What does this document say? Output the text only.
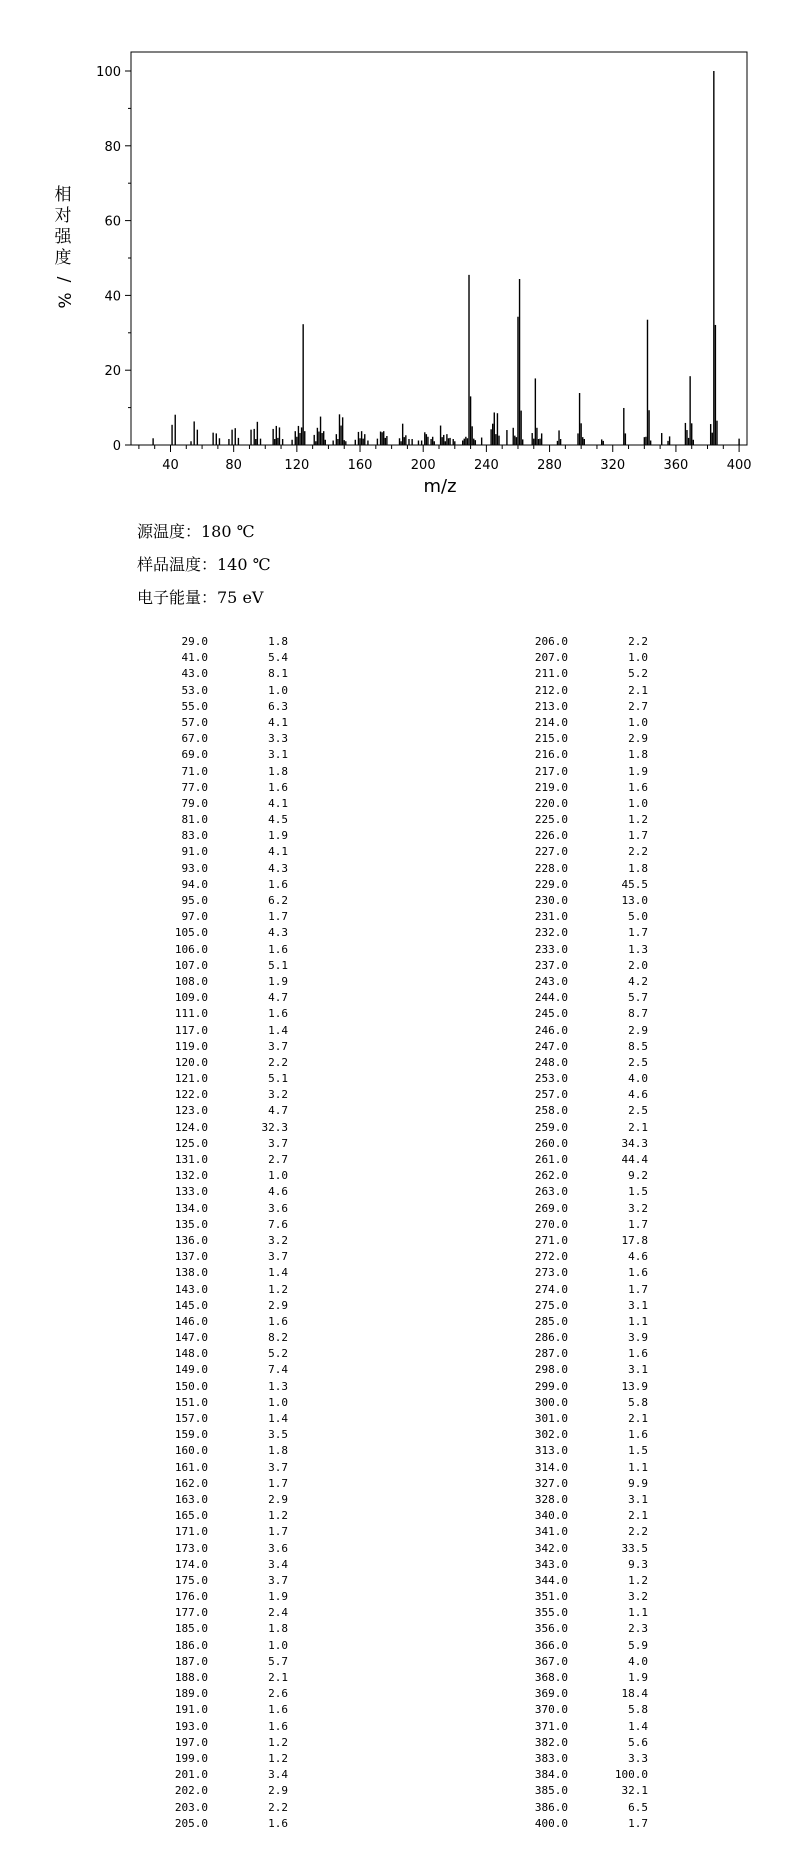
0
20
40
60
80
100
40	80	120	160	200	240	280	320	360	400
相
对
强
度
/
%
m/z
源温度：180 ℃
样品温度：140 ℃
电子能量：75 eV
29.0	1.8
41.0	5.4
43.0	8.1
53.0	1.0
55.0	6.3
57.0	4.1
67.0	3.3
69.0	3.1
71.0	1.8
77.0	1.6
79.0	4.1
81.0	4.5
83.0	1.9
91.0	4.1
93.0	4.3
94.0	1.6
95.0	6.2
97.0	1.7
105.0	4.3
106.0	1.6
107.0	5.1
108.0	1.9
109.0	4.7
111.0	1.6
117.0	1.4
119.0	3.7
120.0	2.2
121.0	5.1
122.0	3.2
123.0	4.7
124.0	32.3
125.0	3.7
131.0	2.7
132.0	1.0
133.0	4.6
134.0	3.6
135.0	7.6
136.0	3.2
137.0	3.7
138.0	1.4
143.0	1.2
145.0	2.9
146.0	1.6
147.0	8.2
148.0	5.2
149.0	7.4
150.0	1.3
151.0	1.0
157.0	1.4
159.0	3.5
160.0	1.8
161.0	3.7
162.0	1.7
163.0	2.9
165.0	1.2
171.0	1.7
173.0	3.6
174.0	3.4
175.0	3.7
176.0	1.9
177.0	2.4
185.0	1.8
186.0	1.0
187.0	5.7
188.0	2.1
189.0	2.6
191.0	1.6
193.0	1.6
197.0	1.2
199.0	1.2
201.0	3.4
202.0	2.9
203.0	2.2
205.0	1.6
206.0	2.2
207.0	1.0
211.0	5.2
212.0	2.1
213.0	2.7
214.0	1.0
215.0	2.9
216.0	1.8
217.0	1.9
219.0	1.6
220.0	1.0
225.0	1.2
226.0	1.7
227.0	2.2
228.0	1.8
229.0	45.5
230.0	13.0
231.0	5.0
232.0	1.7
233.0	1.3
237.0	2.0
243.0	4.2
244.0	5.7
245.0	8.7
246.0	2.9
247.0	8.5
248.0	2.5
253.0	4.0
257.0	4.6
258.0	2.5
259.0	2.1
260.0	34.3
261.0	44.4
262.0	9.2
263.0	1.5
269.0	3.2
270.0	1.7
271.0	17.8
272.0	4.6
273.0	1.6
274.0	1.7
275.0	3.1
285.0	1.1
286.0	3.9
287.0	1.6
298.0	3.1
299.0	13.9
300.0	5.8
301.0	2.1
302.0	1.6
313.0	1.5
314.0	1.1
327.0	9.9
328.0	3.1
340.0	2.1
341.0	2.2
342.0	33.5
343.0	9.3
344.0	1.2
351.0	3.2
355.0	1.1
356.0	2.3
366.0	5.9
367.0	4.0
368.0	1.9
369.0	18.4
370.0	5.8
371.0	1.4
382.0	5.6
383.0	3.3
384.0	100.0
385.0	32.1
386.0	6.5
400.0	1.7
